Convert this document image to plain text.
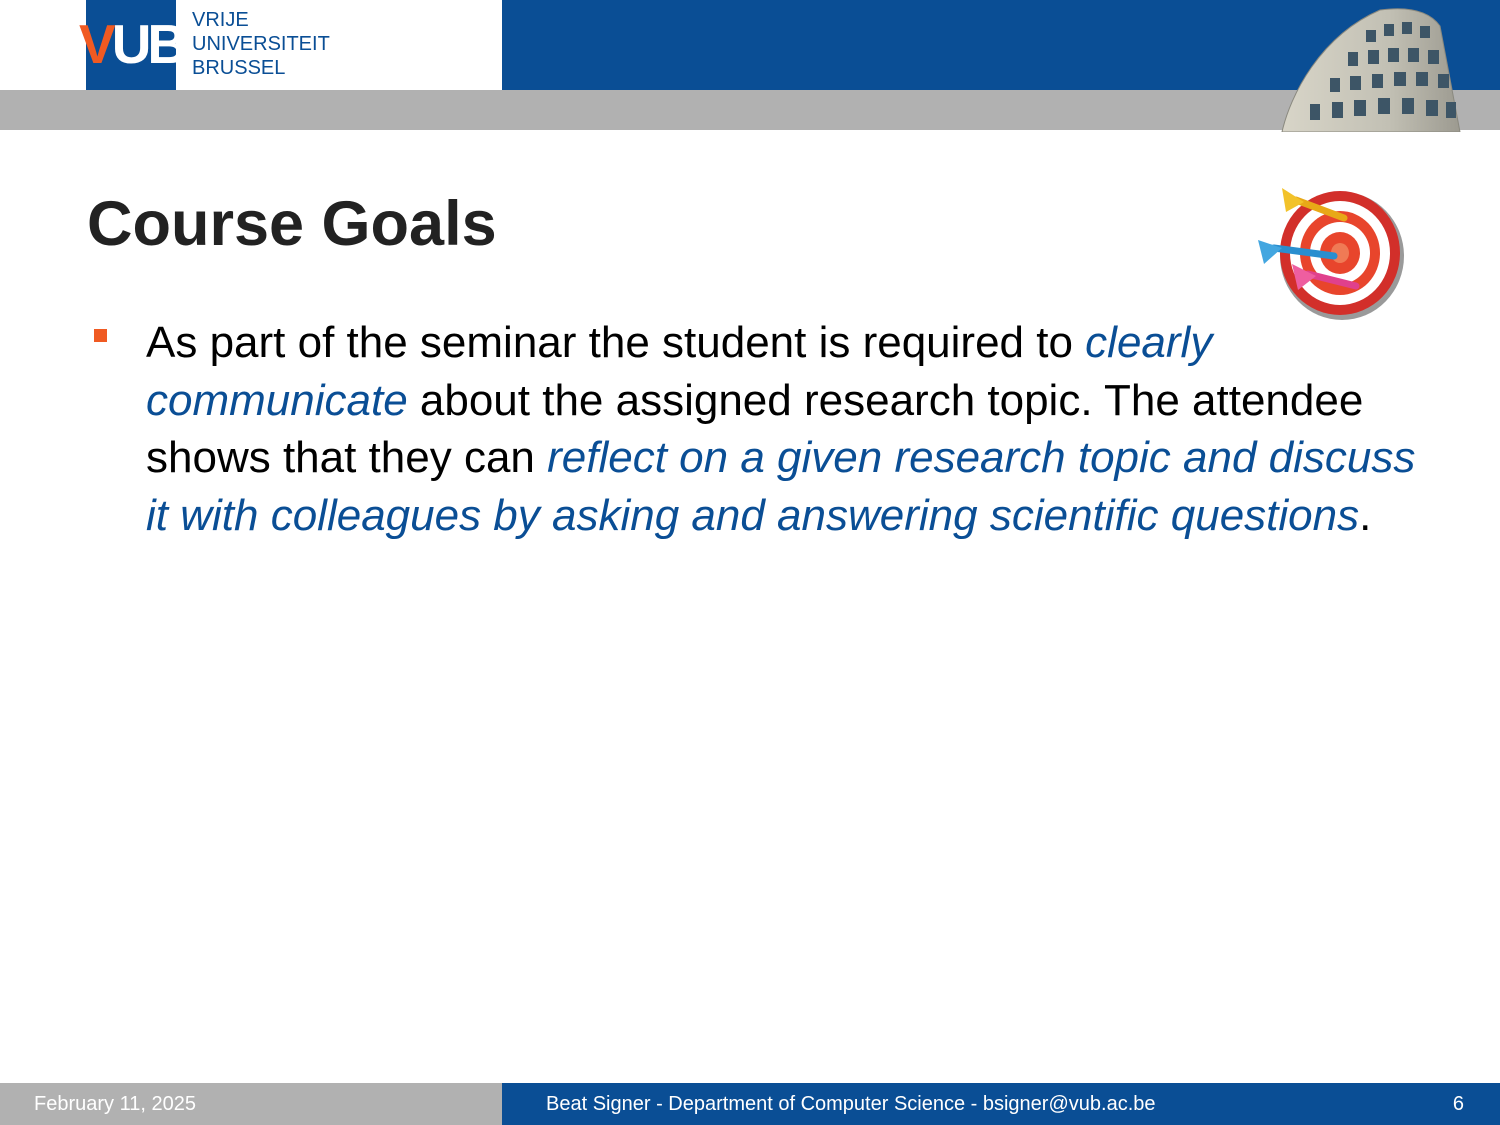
VUB VRIJE
UNIVERSITEIT
BRUSSEL
Course Goals

As part of the seminar the student is required to clearly communicate about the assigned research topic. The attendee shows that they can reflect on a given research topic and discuss it with colleagues by asking and answering scientific questions.

February 11, 2025	Beat Signer - Department of Computer Science - bsigner@vub.ac.be	6
